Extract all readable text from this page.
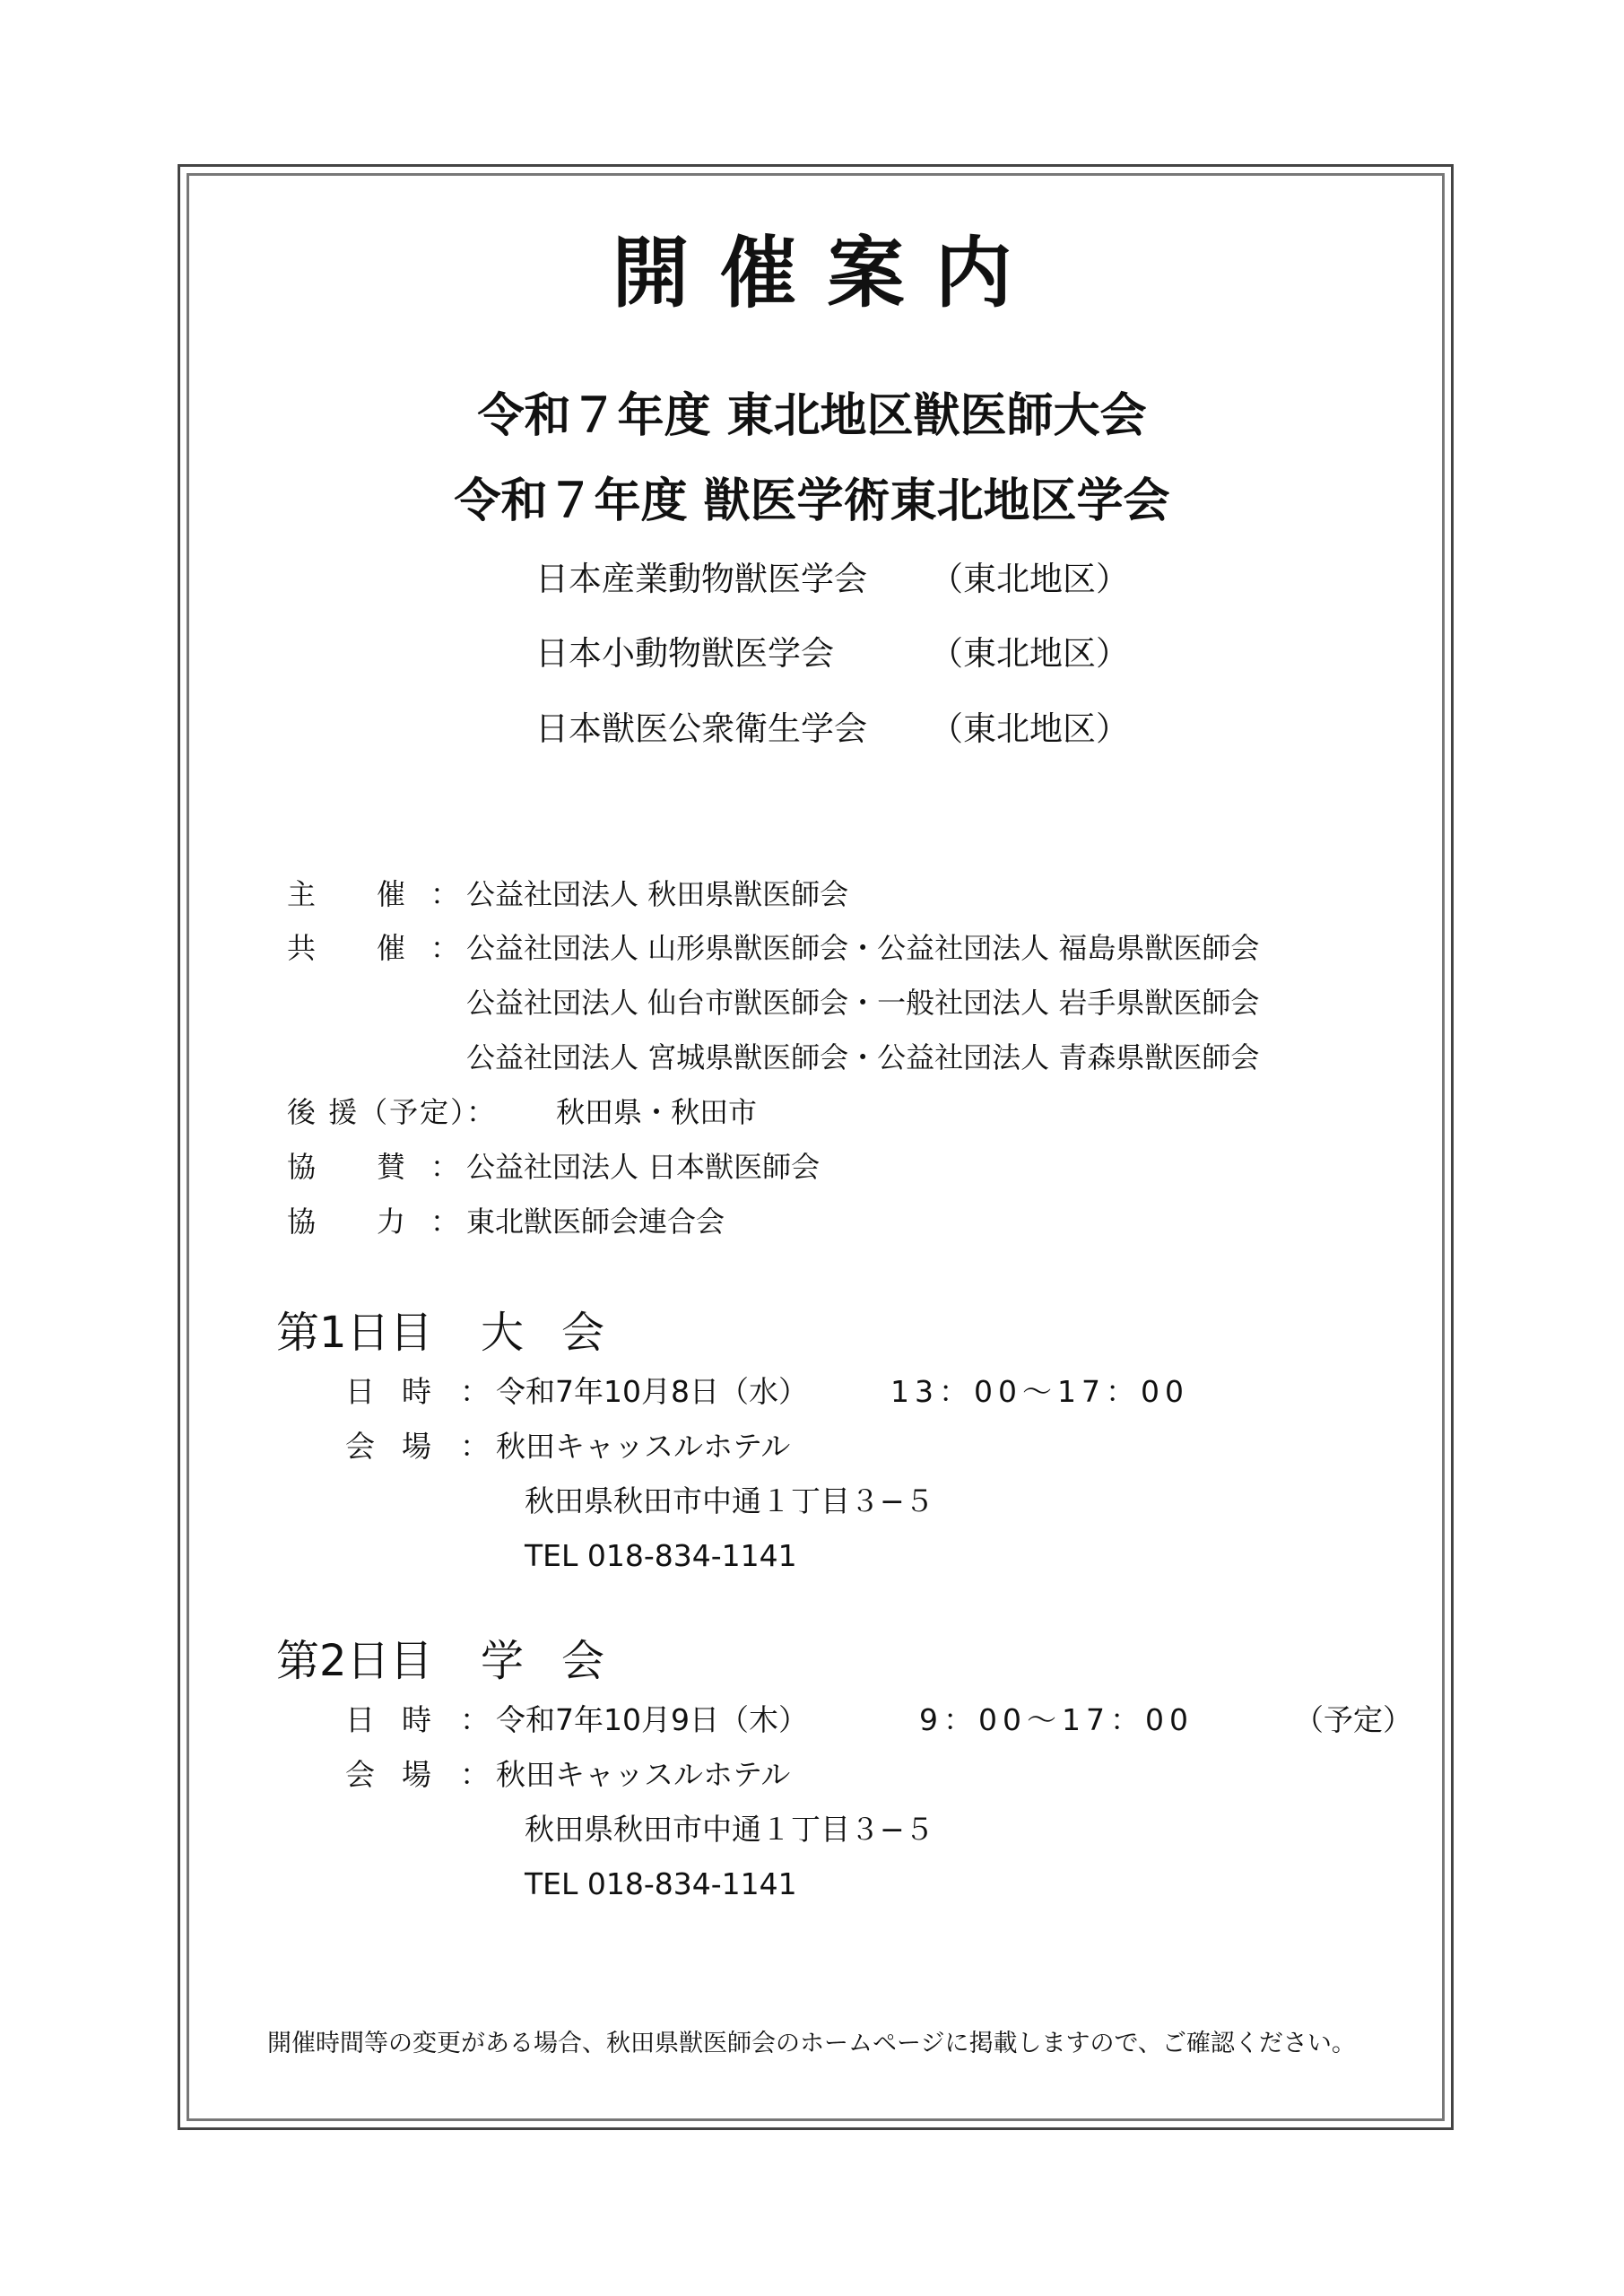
開催案内
令和７年度 東北地区獣医師大会
令和７年度 獣医学術東北地区学会
日本産業動物獣医学会 （東北地区）
日本小動物獣医学会	（東北地区）
日本獣医公衆衛生学会 （東北地区）
主 催 ： 公益社団法人 秋田県獣医師会
共 催 ： 公益社団法人 山形県獣医師会・公益社団法人 福島県獣医師会
公益社団法人 仙台市獣医師会・一般社団法人 岩手県獣医師会
公益社団法人 宮城県獣医師会・公益社団法人 青森県獣医師会
後 援（予定）： 秋田県・秋田市
協 賛 ： 公益社団法人 日本獣医師会
協 力 ： 東北獣医師会連合会
第1日目 大会
日時 ： 令和7年10月8日（水）	13：00～17：00
会場 ： 秋田キャッスルホテル
秋田県秋田市中通１丁目３−５
TEL 018-834-1141
第2日目 学会
日時 ： 令和7年10月9日（木）	9：00～17：00	（予定）
会場 ： 秋田キャッスルホテル
秋田県秋田市中通１丁目３−５
TEL 018-834-1141
開催時間等の変更がある場合、秋田県獣医師会のホームページに掲載しますので、ご確認ください。
